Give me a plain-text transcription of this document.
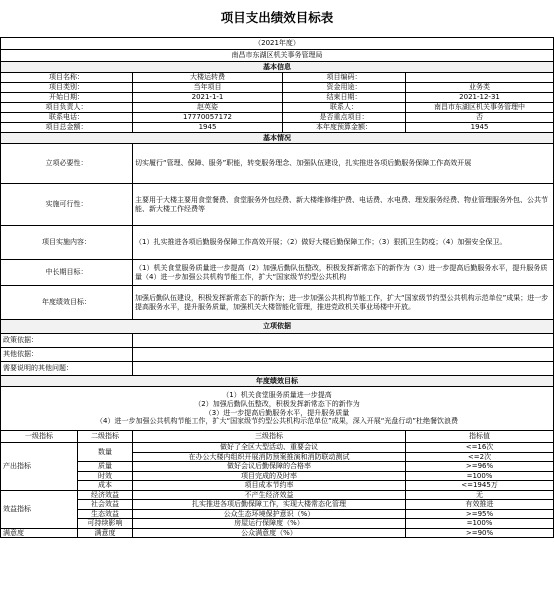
项目支出绩效目标表
（2021年度）				
南昌市东湖区机关事务管理局				
基本信息				
项目名称：		大楼运转费	项目编码：	
项目类别：		当年项目	资金用途：	业务类
开始日期：		2021-1-1	结束日期：	2021-12-31
项目负责人：		赵英姿	联系人：	南昌市东湖区机关事务管理中
联系电话：		17770057172	是否重点项目：	否
项目总金额：		1945	本年度预算金额：	1945
基本情况				
立项必要性：		切实履行“管理、保障、服务”职能，转变服务理念、加强队伍建设，扎实推进各项后勤服务保障工作高效开展		
实施可行性：		主要用于大楼主要用食堂餐费、食堂服务外包经费、新大楼维修维护费、电话费、水电费、理发服务经费、物业管理服务外包、公共节能、新大楼工作经费等		
项目实施内容：		（1）扎实推进各项后勤服务保障工作高效开展；（2）做好大楼后勤保障工作；（3）狠抓卫生防疫；（4）加强安全保卫。		
中长期目标：		（1）机关食堂服务质量进一步提高（2）加强后勤队伍整改，积极发挥新常态下的新作为（3）进一步提高后勤服务水平，提升服务质量（4）进一步加强公共机构节能工作，扩大“国家级节约型公共机构		
年度绩效目标：		加强后勤队伍建设，积极发挥新常态下的新作为；进一步加强公共机构节能工作，扩大“国家级节约型公共机构示范单位”成果；进一步提高服务水平，提升服务质量，加强机关大楼智能化管理，推进党政机关事业场楼中开放。		
立项依据				
政策依据：				
其他依据：				
需要说明的其他问题：				
年度绩效目标				

（1）机关食堂服务质量进一步提高
（2）加强后勤队伍整改，积极发挥新常态下的新作为
（3）进一步提高后勤服务水平，提升服务质量
（4）进一步加强公共机构节能工作，扩大“国家级节约型公共机构示范单位”成果，深入开展“光盘行动”杜绝餐饮浪费				

一级指标	二级指标	三级指标		指标值
产出指标	数量	做好了全区大型活动、重要会议		<=16次
		在办公大楼内组织开展消防预案推演和消防联动测试		<=2次
	质量	做好会议后勤保障的合格率		>=96%
	时效	项目完成的及时率		=100%
	成本	项目成本节约率		<=1945万
效益指标	经济效益	不产生经济效益		无
	社会效益	扎实推进各项后勤保障工作，实现大楼常态化管理		有效推进
	生态效益	公众生态环境保护意识（%）		>=95%
	可持续影响	房屋运行保障度（%）		=100%
满意度	满意度	公众满意度（%）		>=90%
